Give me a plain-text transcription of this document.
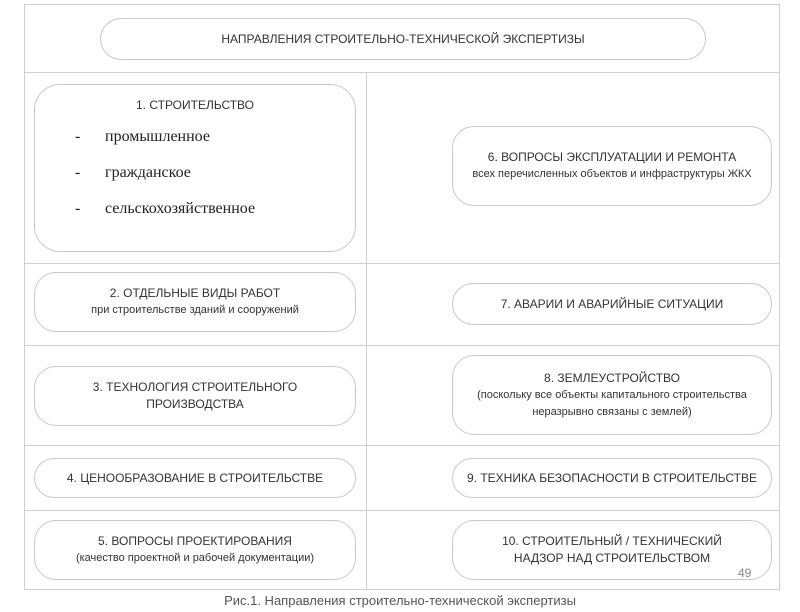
НАПРАВЛЕНИЯ СТРОИТЕЛЬНО-ТЕХНИЧЕСКОЙ ЭКСПЕРТИЗЫ
1. СТРОИТЕЛЬСТВО
-	промышленное
-	гражданское
-	сельскохозяйственное
2. ОТДЕЛЬНЫЕ ВИДЫ РАБОТ
при строительстве зданий и сооружений
3. ТЕХНОЛОГИЯ СТРОИТЕЛЬНОГО ПРОИЗВОДСТВА
4. ЦЕНООБРАЗОВАНИЕ В СТРОИТЕЛЬСТВЕ
5. ВОПРОСЫ ПРОЕКТИРОВАНИЯ
(качество проектной и рабочей документации)
6. ВОПРОСЫ ЭКСПЛУАТАЦИИ И РЕМОНТА
всех перечисленных объектов и инфраструктуры ЖКХ
7. АВАРИИ И АВАРИЙНЫЕ СИТУАЦИИ
8. ЗЕМЛЕУСТРОЙСТВО
(поскольку все объекты капитального строительства неразрывно связаны с землей)
9. ТЕХНИКА БЕЗОПАСНОСТИ В СТРОИТЕЛЬСТВЕ
10. СТРОИТЕЛЬНЫЙ / ТЕХНИЧЕСКИЙ НАДЗОР НАД СТРОИТЕЛЬСТВОМ
49
Рис.1. Направления строительно-технической экспертизы
